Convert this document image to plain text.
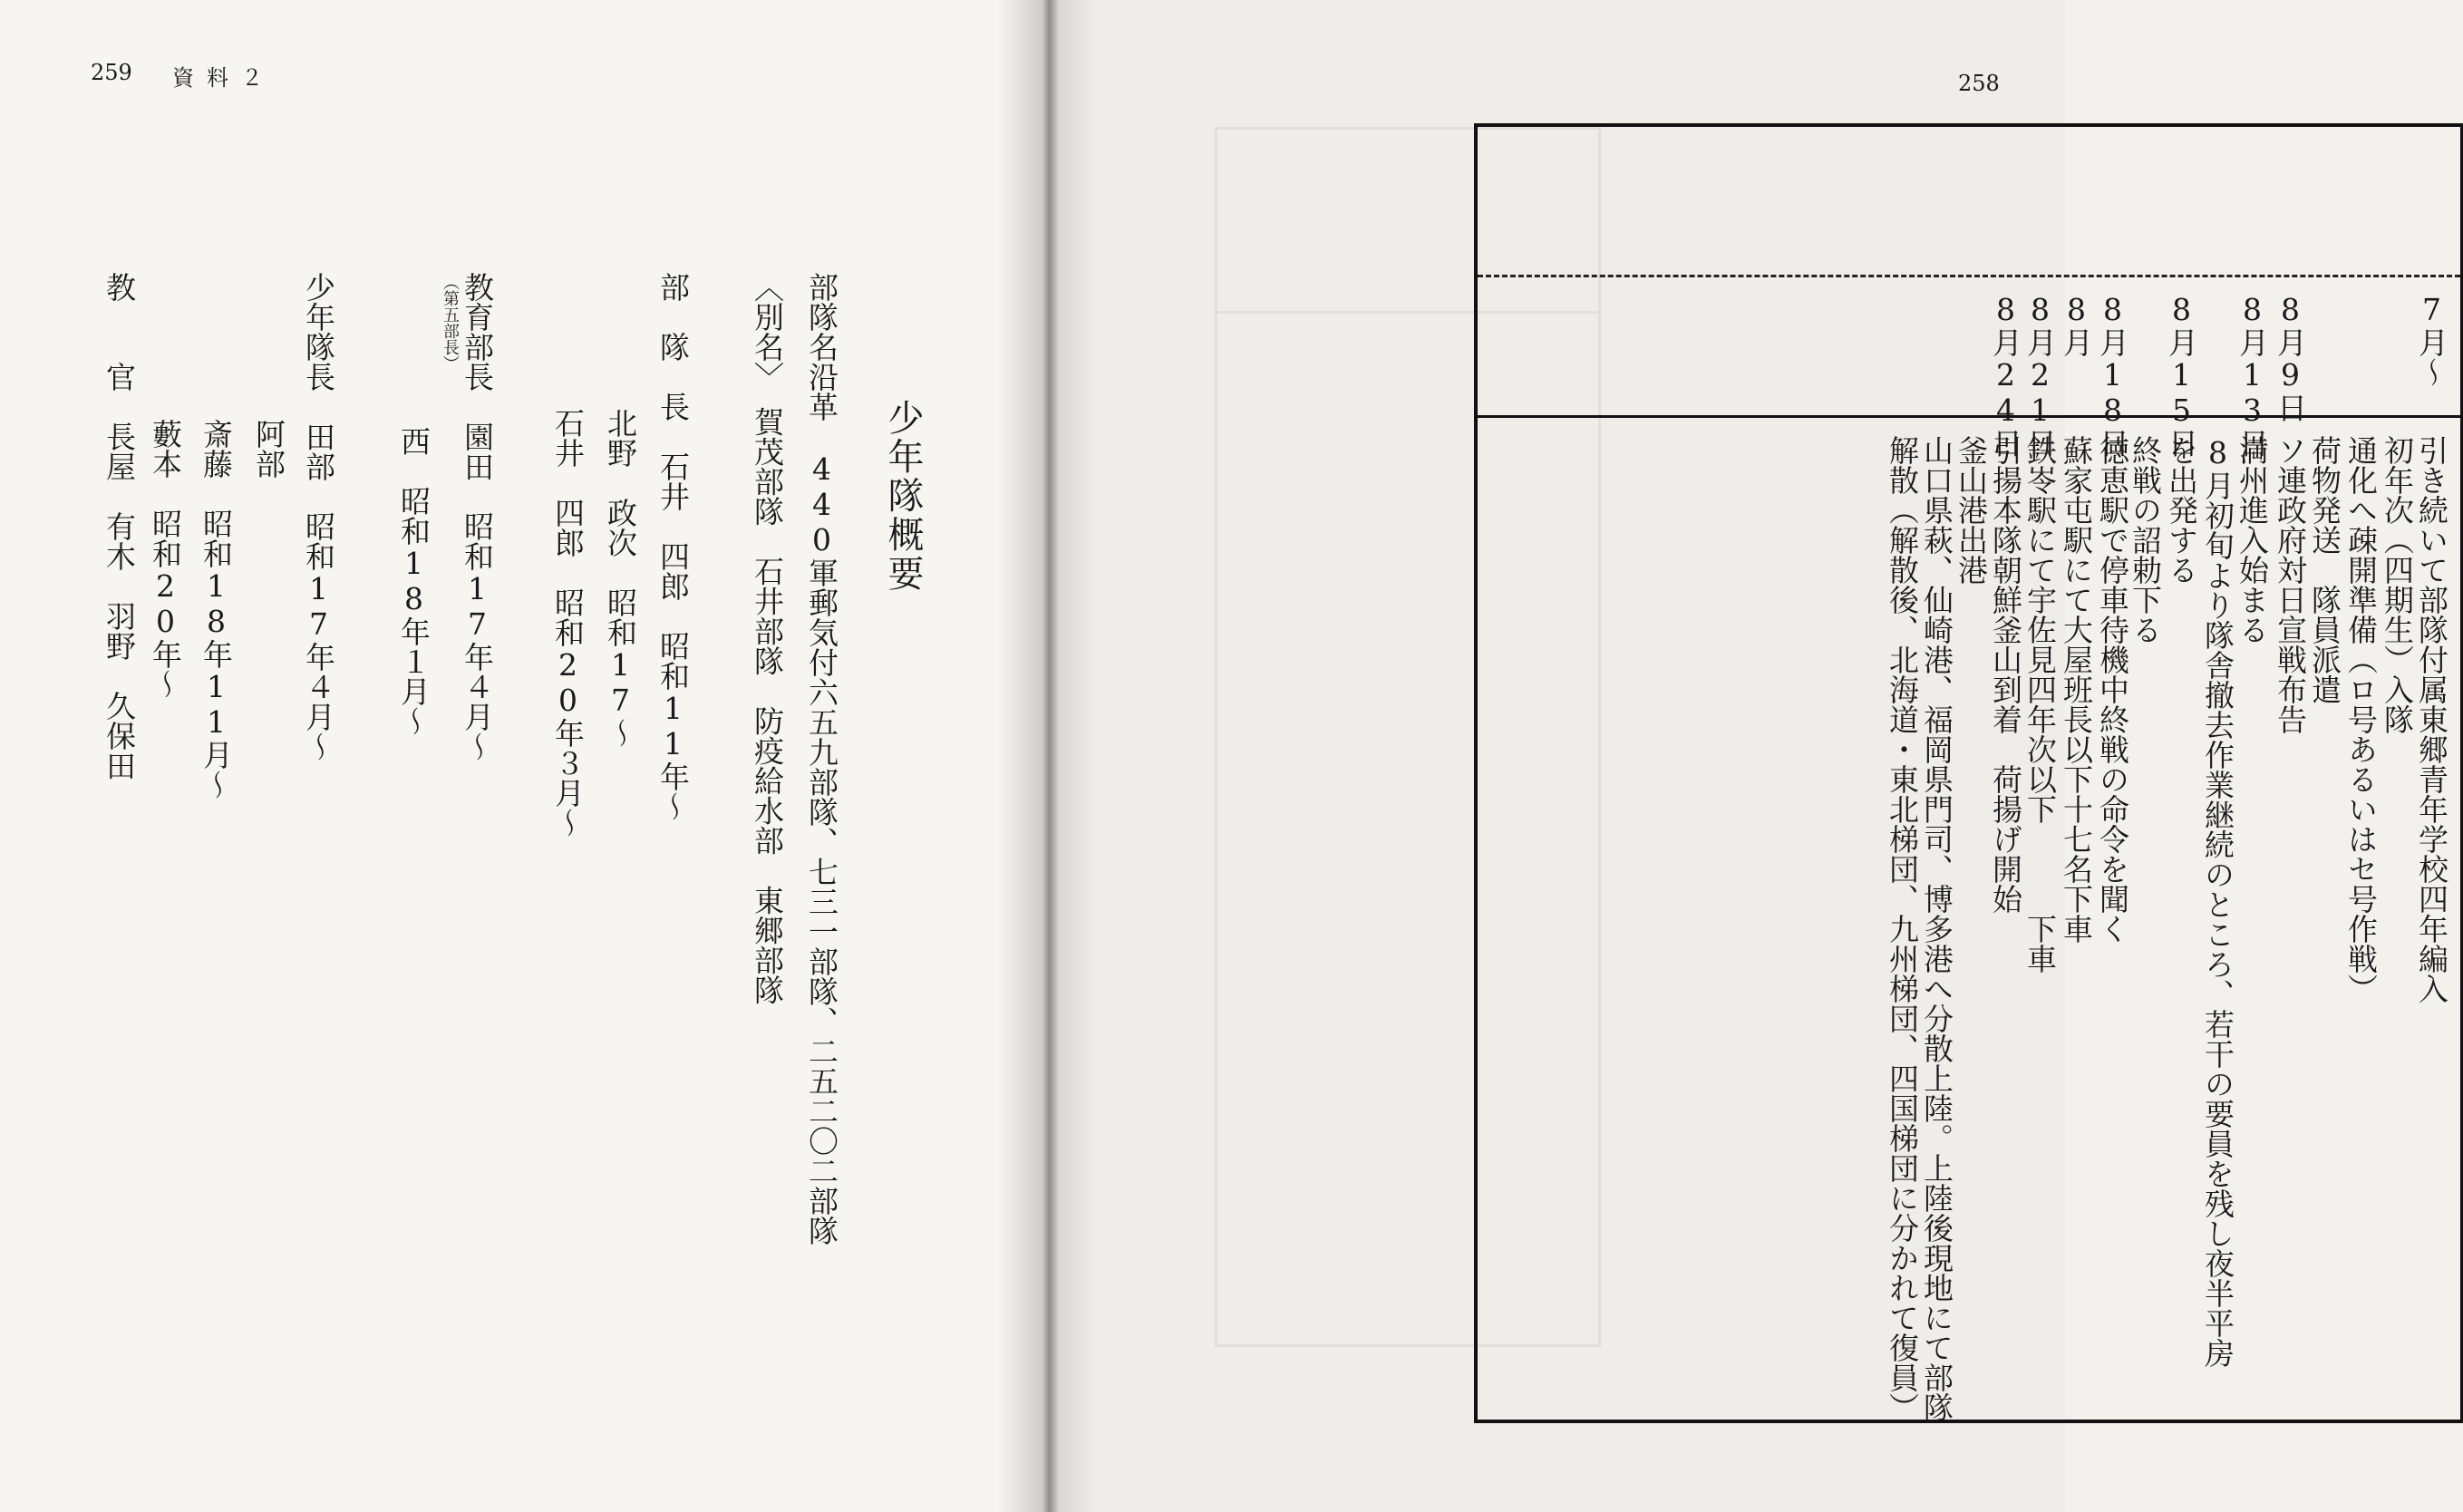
259 資料２
少年隊概要
部隊名沿革　440軍郵気付六五九部隊、七三一部隊、二五二〇二部隊
〈別名〉　賀茂部隊　石井部隊　防疫給水部　東郷部隊
部　隊　長　石井　四郎　昭和11年〜
北野　政次　昭和17〜
石井　四郎　昭和20年３月〜
教育部長　園田　昭和17年４月〜
（第五部長）
西　昭和18年１月〜
少年隊長　田部　昭和17年４月〜
阿部
斎藤　昭和18年11月〜
藪本　昭和20年〜
教　　官　長屋　有木　羽野　久保田
258
7月〜
8月9日
8月13日
8月15日
8月18日
8月
8月21日
8月24日
引き続いて部隊付属東郷青年学校四年編入
初年次（四期生）入隊
通化へ疎開準備（ロ号あるいはセ号作戦）
荷物発送　隊員派遣
ソ連政府対日宣戦布告
満州進入始まる
8月初旬より隊舎撤去作業継続のところ、若干の要員を残し夜半平房
を出発する
終戦の詔勅下る
徳恵駅で停車待機中終戦の命令を聞く
蘇家屯駅にて大屋班長以下十七名下車
鉄岺駅にて宇佐見四年次以下　　　下車
引揚本隊朝鮮釜山到着　荷揚げ開始
釜山港出港
山口県萩、仙崎港、福岡県門司、博多港へ分散上陸。上陸後現地にて部隊
解散（解散後、北海道・東北梯団、九州梯団、四国梯団に分かれて復員）
